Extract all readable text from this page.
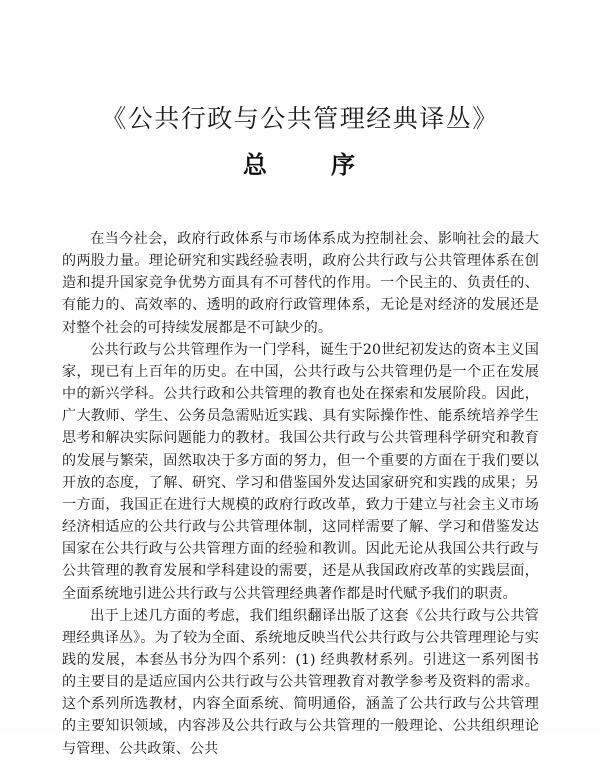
《公共行政与公共管理经典译丛》
总      序

在当今社会，政府行政体系与市场体系成为控制社会、影响社会的最大的两股力量。理论研究和实践经验表明，政府公共行政与公共管理体系在创造和提升国家竞争优势方面具有不可替代的作用。一个民主的、负责任的、有能力的、高效率的、透明的政府行政管理体系，无论是对经济的发展还是对整个社会的可持续发展都是不可缺少的。

公共行政与公共管理作为一门学科，诞生于20世纪初发达的资本主义国家，现已有上百年的历史。在中国，公共行政与公共管理仍是一个正在发展中的新兴学科。公共行政和公共管理的教育也处在探索和发展阶段。因此，广大教师、学生、公务员急需贴近实践、具有实际操作性、能系统培养学生思考和解决实际问题能力的教材。我国公共行政与公共管理科学研究和教育的发展与繁荣，固然取决于多方面的努力，但一个重要的方面在于我们要以开放的态度，了解、研究、学习和借鉴国外发达国家研究和实践的成果；另一方面，我国正在进行大规模的政府行政改革，致力于建立与社会主义市场经济相适应的公共行政与公共管理体制，这同样需要了解、学习和借鉴发达国家在公共行政与公共管理方面的经验和教训。因此无论从我国公共行政与公共管理的教育发展和学科建设的需要，还是从我国政府改革的实践层面，全面系统地引进公共行政与公共管理经典著作都是时代赋予我们的职责。

出于上述几方面的考虑，我们组织翻译出版了这套《公共行政与公共管理经典译丛》。为了较为全面、系统地反映当代公共行政与公共管理理论与实践的发展，本套丛书分为四个系列：(1) 经典教材系列。引进这一系列图书的主要目的是适应国内公共行政与公共管理教育对教学参考及资料的需求。这个系列所选教材，内容全面系统、简明通俗，涵盖了公共行政与公共管理的主要知识领域，内容涉及公共行政与公共管理的一般理论、公共组织理论与管理、公共政策、公共
